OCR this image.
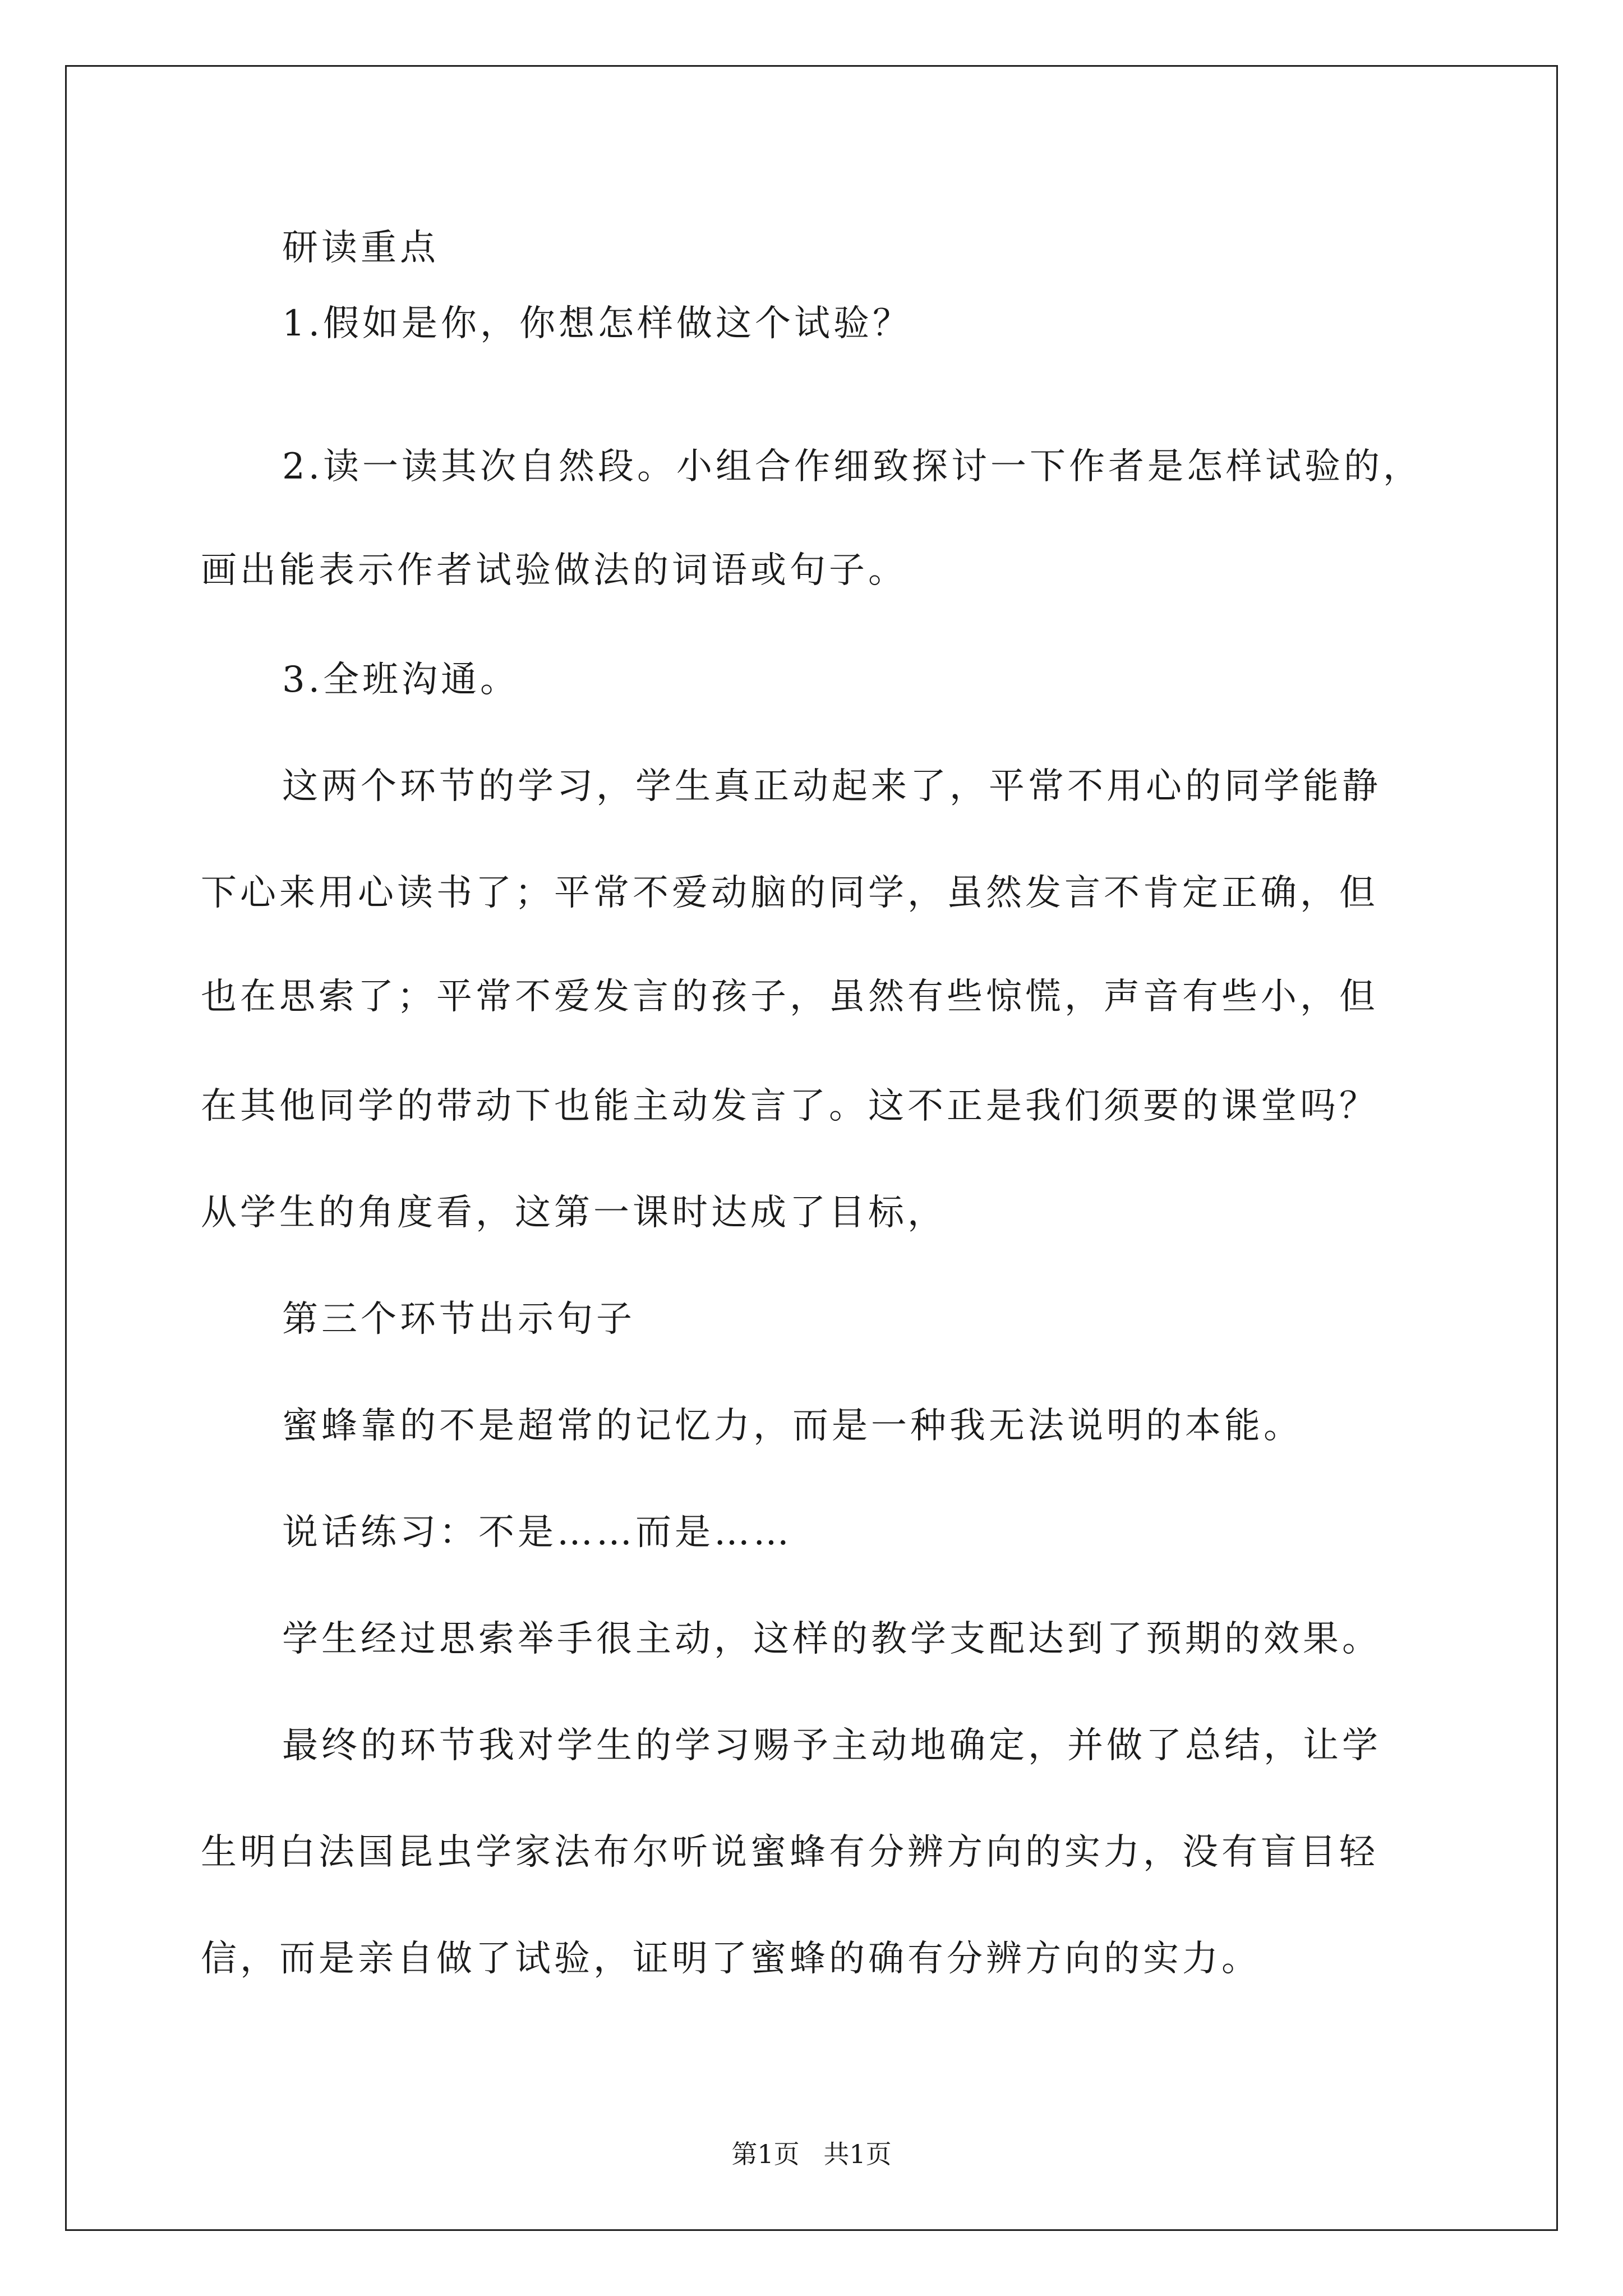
研读重点

1.假如是你，你想怎样做这个试验？

2.读一读其次自然段。小组合作细致探讨一下作者是怎样试验的，

画出能表示作者试验做法的词语或句子。

3.全班沟通。

这两个环节的学习，学生真正动起来了，平常不用心的同学能静

下心来用心读书了；平常不爱动脑的同学，虽然发言不肯定正确，但

也在思索了；平常不爱发言的孩子，虽然有些惊慌，声音有些小，但

在其他同学的带动下也能主动发言了。这不正是我们须要的课堂吗？

从学生的角度看，这第一课时达成了目标，

第三个环节出示句子

蜜蜂靠的不是超常的记忆力，而是一种我无法说明的本能。

说话练习：不是……而是……

学生经过思索举手很主动，这样的教学支配达到了预期的效果。

最终的环节我对学生的学习赐予主动地确定，并做了总结，让学

生明白法国昆虫学家法布尔听说蜜蜂有分辨方向的实力，没有盲目轻

信，而是亲自做了试验，证明了蜜蜂的确有分辨方向的实力。

第1页 共1页
